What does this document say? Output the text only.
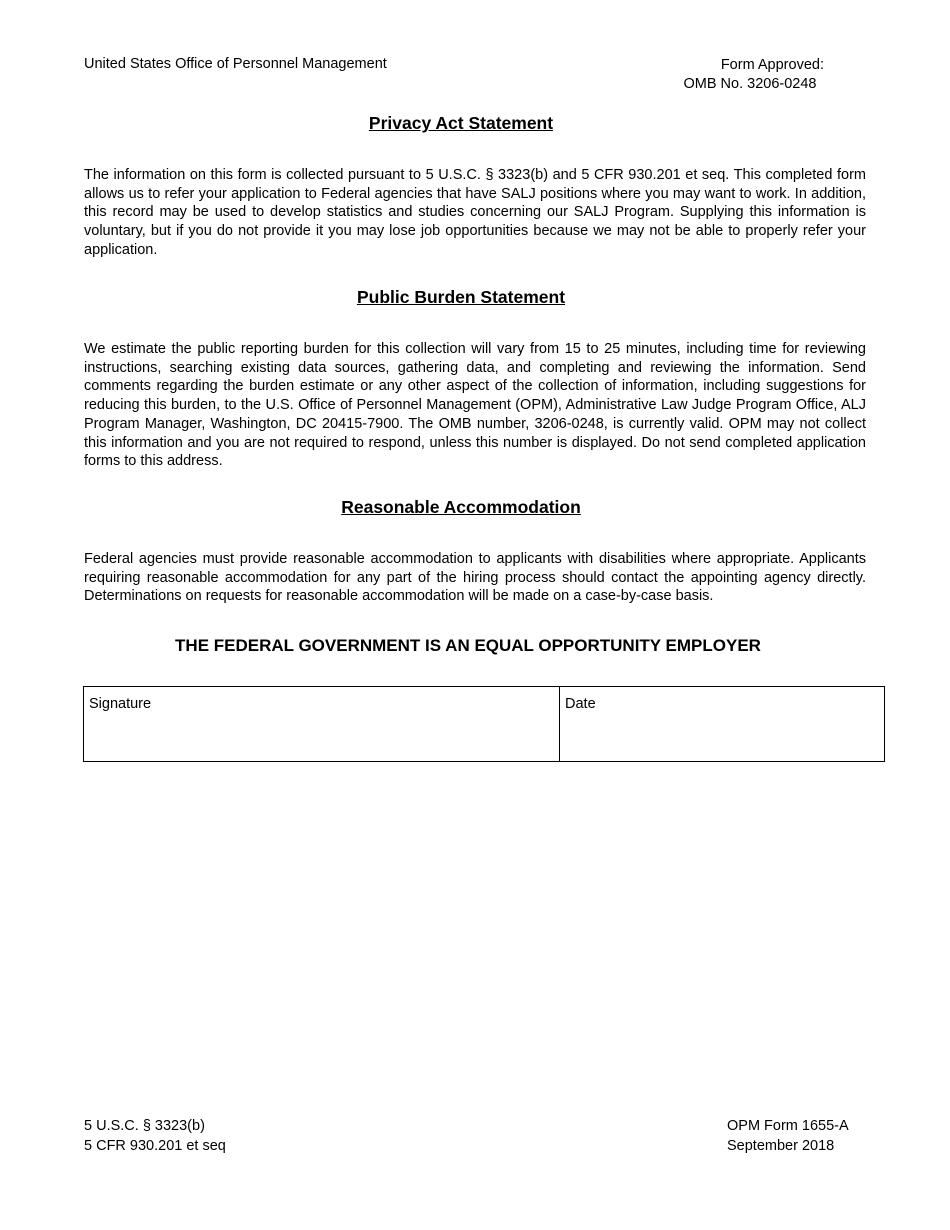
United States Office of Personnel Management	Form Approved:
OMB No. 3206-0248
Privacy Act Statement

The information on this form is collected pursuant to 5 U.S.C. § 3323(b) and 5 CFR 930.201 et seq. This completed form allows us to refer your application to Federal agencies that have SALJ positions where you may want to work. In addition, this record may be used to develop statistics and studies concerning our SALJ Program. Supplying this information is voluntary, but if you do not provide it you may lose job opportunities because we may not be able to properly refer your application.

Public Burden Statement

We estimate the public reporting burden for this collection will vary from 15 to 25 minutes, including time for reviewing instructions, searching existing data sources, gathering data, and completing and reviewing the information. Send comments regarding the burden estimate or any other aspect of the collection of information, including suggestions for reducing this burden, to the U.S. Office of Personnel Management (OPM), Administrative Law Judge Program Office, ALJ Program Manager, Washington, DC 20415-7900. The OMB number, 3206-0248, is currently valid. OPM may not collect this information and you are not required to respond, unless this number is displayed. Do not send completed application forms to this address.

Reasonable Accommodation

Federal agencies must provide reasonable accommodation to applicants with disabilities where appropriate. Applicants requiring reasonable accommodation for any part of the hiring process should contact the appointing agency directly. Determinations on requests for reasonable accommodation will be made on a case-by-case basis.

THE FEDERAL GOVERNMENT IS AN EQUAL OPPORTUNITY EMPLOYER
Signature	Date
5 U.S.C. § 3323(b)
5 CFR 930.201 et seq
OPM Form 1655-A
September 2018
